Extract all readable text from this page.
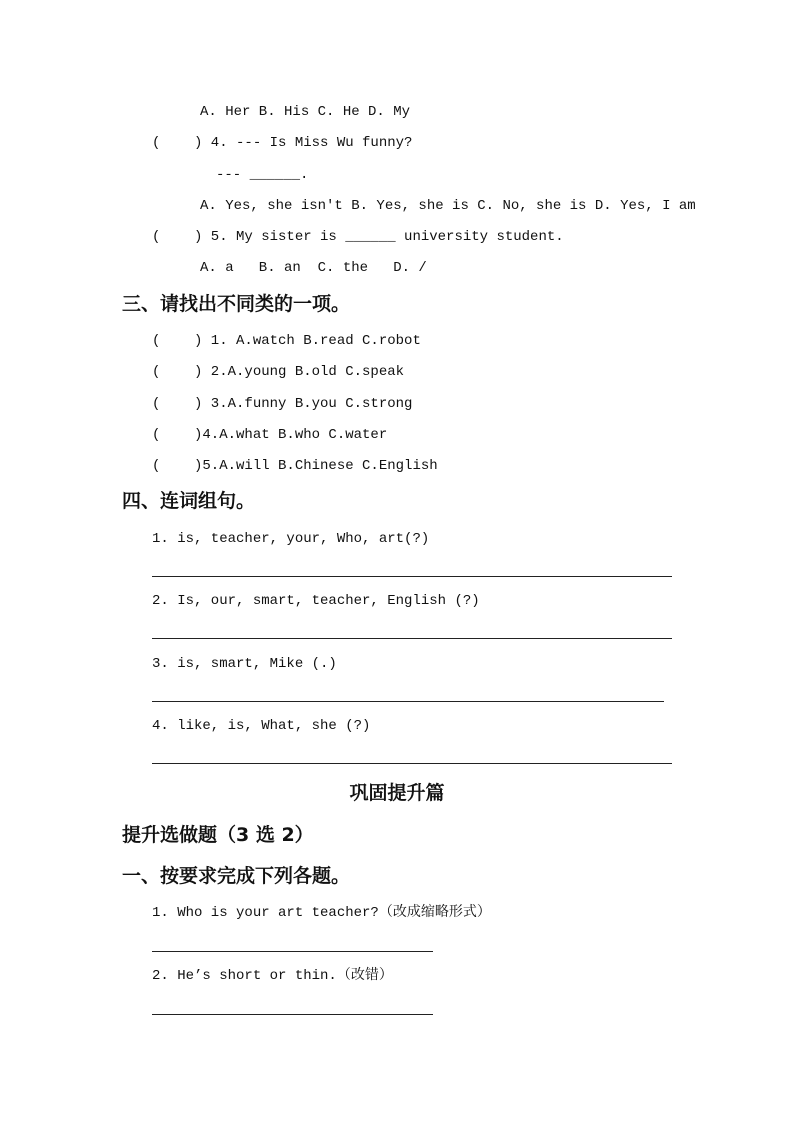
A. Her B. His C. He D. My
(    ) 4. --- Is Miss Wu funny?
--- ______.
A. Yes, she isn't B. Yes, she is C. No, she is D. Yes, I am
(    ) 5. My sister is ______ university student.
A. a   B. an  C. the   D. /
三、请找出不同类的一项。
(    ) 1. A.watch B.read C.robot
(    ) 2.A.young B.old C.speak
(    ) 3.A.funny B.you C.strong
(    )4.A.what B.who C.water
(    )5.A.will B.Chinese C.English
四、连词组句。
1. is, teacher, your, Who, art(?)
2. Is, our, smart, teacher, English (?)
3. is, smart, Mike (.)
4. like, is, What, she (?)
巩固提升篇
提升选做题（3 选 2）
一、按要求完成下列各题。
1. Who is your art teacher?（改成缩略形式）
2. He’s short or thin.（改错）
